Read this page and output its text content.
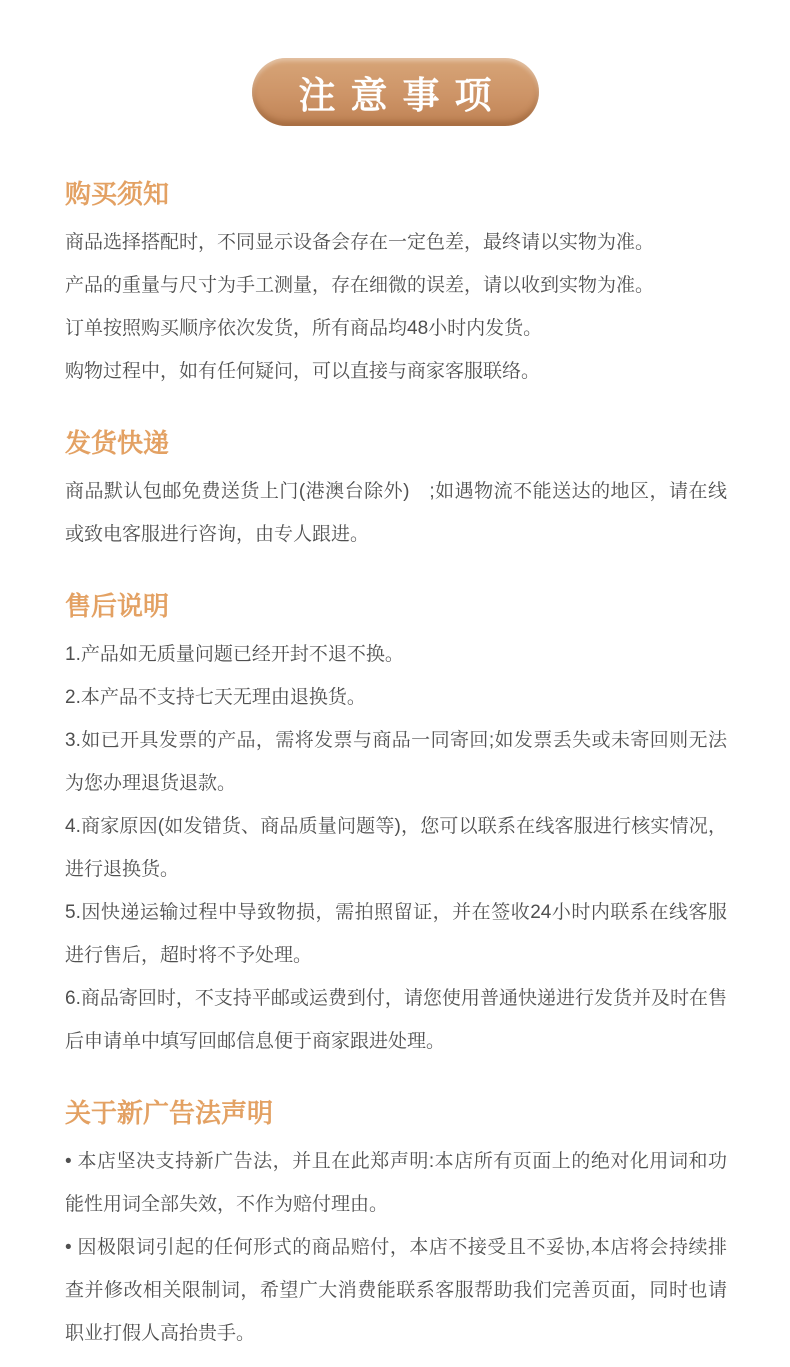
注意事项
购买须知

商品选择搭配时，不同显示设备会存在一定色差，最终请以实物为准。

产品的重量与尺寸为手工测量，存在细微的误差，请以收到实物为准。

订单按照购买顺序依次发货，所有商品均48小时内发货。

购物过程中，如有任何疑问，可以直接与商家客服联络。

发货快递

商品默认包邮免费送货上门(港澳台除外)　;如遇物流不能送达的地区，请在线或致电客服进行咨询，由专人跟进。

售后说明

1.产品如无质量问题已经开封不退不换。

2.本产品不支持七天无理由退换货。

3.如已开具发票的产品，需将发票与商品一同寄回;如发票丢失或未寄回则无法为您办理退货退款。

4.商家原因(如发错货、商品质量问题等)，您可以联系在线客服进行核实情况，进行退换货。

5.因快递运输过程中导致物损，需拍照留证，并在签收24小时内联系在线客服进行售后，超时将不予处理。

6.商品寄回时，不支持平邮或运费到付，请您使用普通快递进行发货并及时在售后申请单中填写回邮信息便于商家跟进处理。

关于新广告法声明

• 本店坚决支持新广告法，并且在此郑声明:本店所有页面上的绝对化用词和功能性用词全部失效，不作为赔付理由。

• 因极限词引起的任何形式的商品赔付，本店不接受且不妥协,本店将会持续排查并修改相关限制词，希望广大消费能联系客服帮助我们完善页面，同时也请职业打假人高抬贵手。
